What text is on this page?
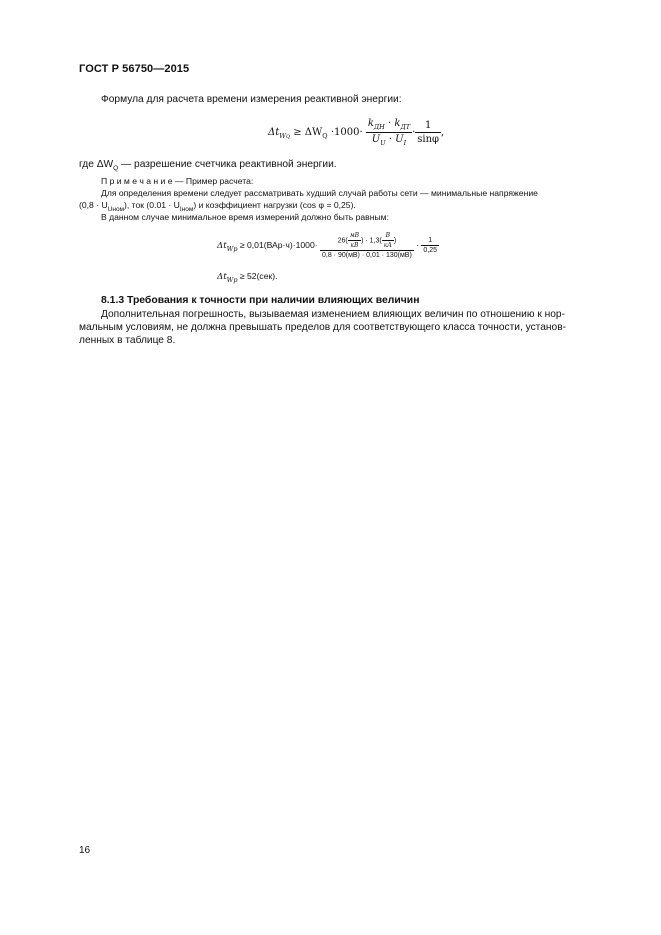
ГОСТ Р 56750—2015
Формула для расчета времени измерения реактивной энергии:
$\Delta t_{WQ} \ge \Delta W_Q \cdot 1000\cdot \frac{k_{ДН} \cdot k_{ДТ}}{U_U \cdot U_I} \cdot \frac{1}{\sin\varphi}$ ,
где $\Delta W_Q$ — разрешение счетчика реактивной энергии.
П р и м е ч а н и е — Пример расчета:
Для определения времени следует рассматривать худший случай работы сети — минимальные напряжение
$(0,8 \cdot U_{Uном})$, ток $(0.01 \cdot U_{Iном})$ и коэффициент нагрузки (cos φ = 0,25).
В данном случае минимальное время измерений должно быть равным:
$\Delta t_{Wp} \ge 0,01(ВАр\cdot ч)\cdot 1000\cdot \frac{26( \frac{мВ}{кВ} ) \cdot 1,3( \frac{В}{кА} )}{0,8 \cdot 90(мВ) \cdot 0,01 \cdot 130(мВ)} \cdot \frac{1}{0,25}$
$\Delta t_{Wp} \ge 52(сек)$.
8.1.3 Требования к точности при наличии влияющих величин
Дополнительная погрешность, вызываемая изменением влияющих величин по отношению к нор-
мальным условиям, не должна превышать пределов для соответствующего класса точности, установ-
ленных в таблице 8.
16
